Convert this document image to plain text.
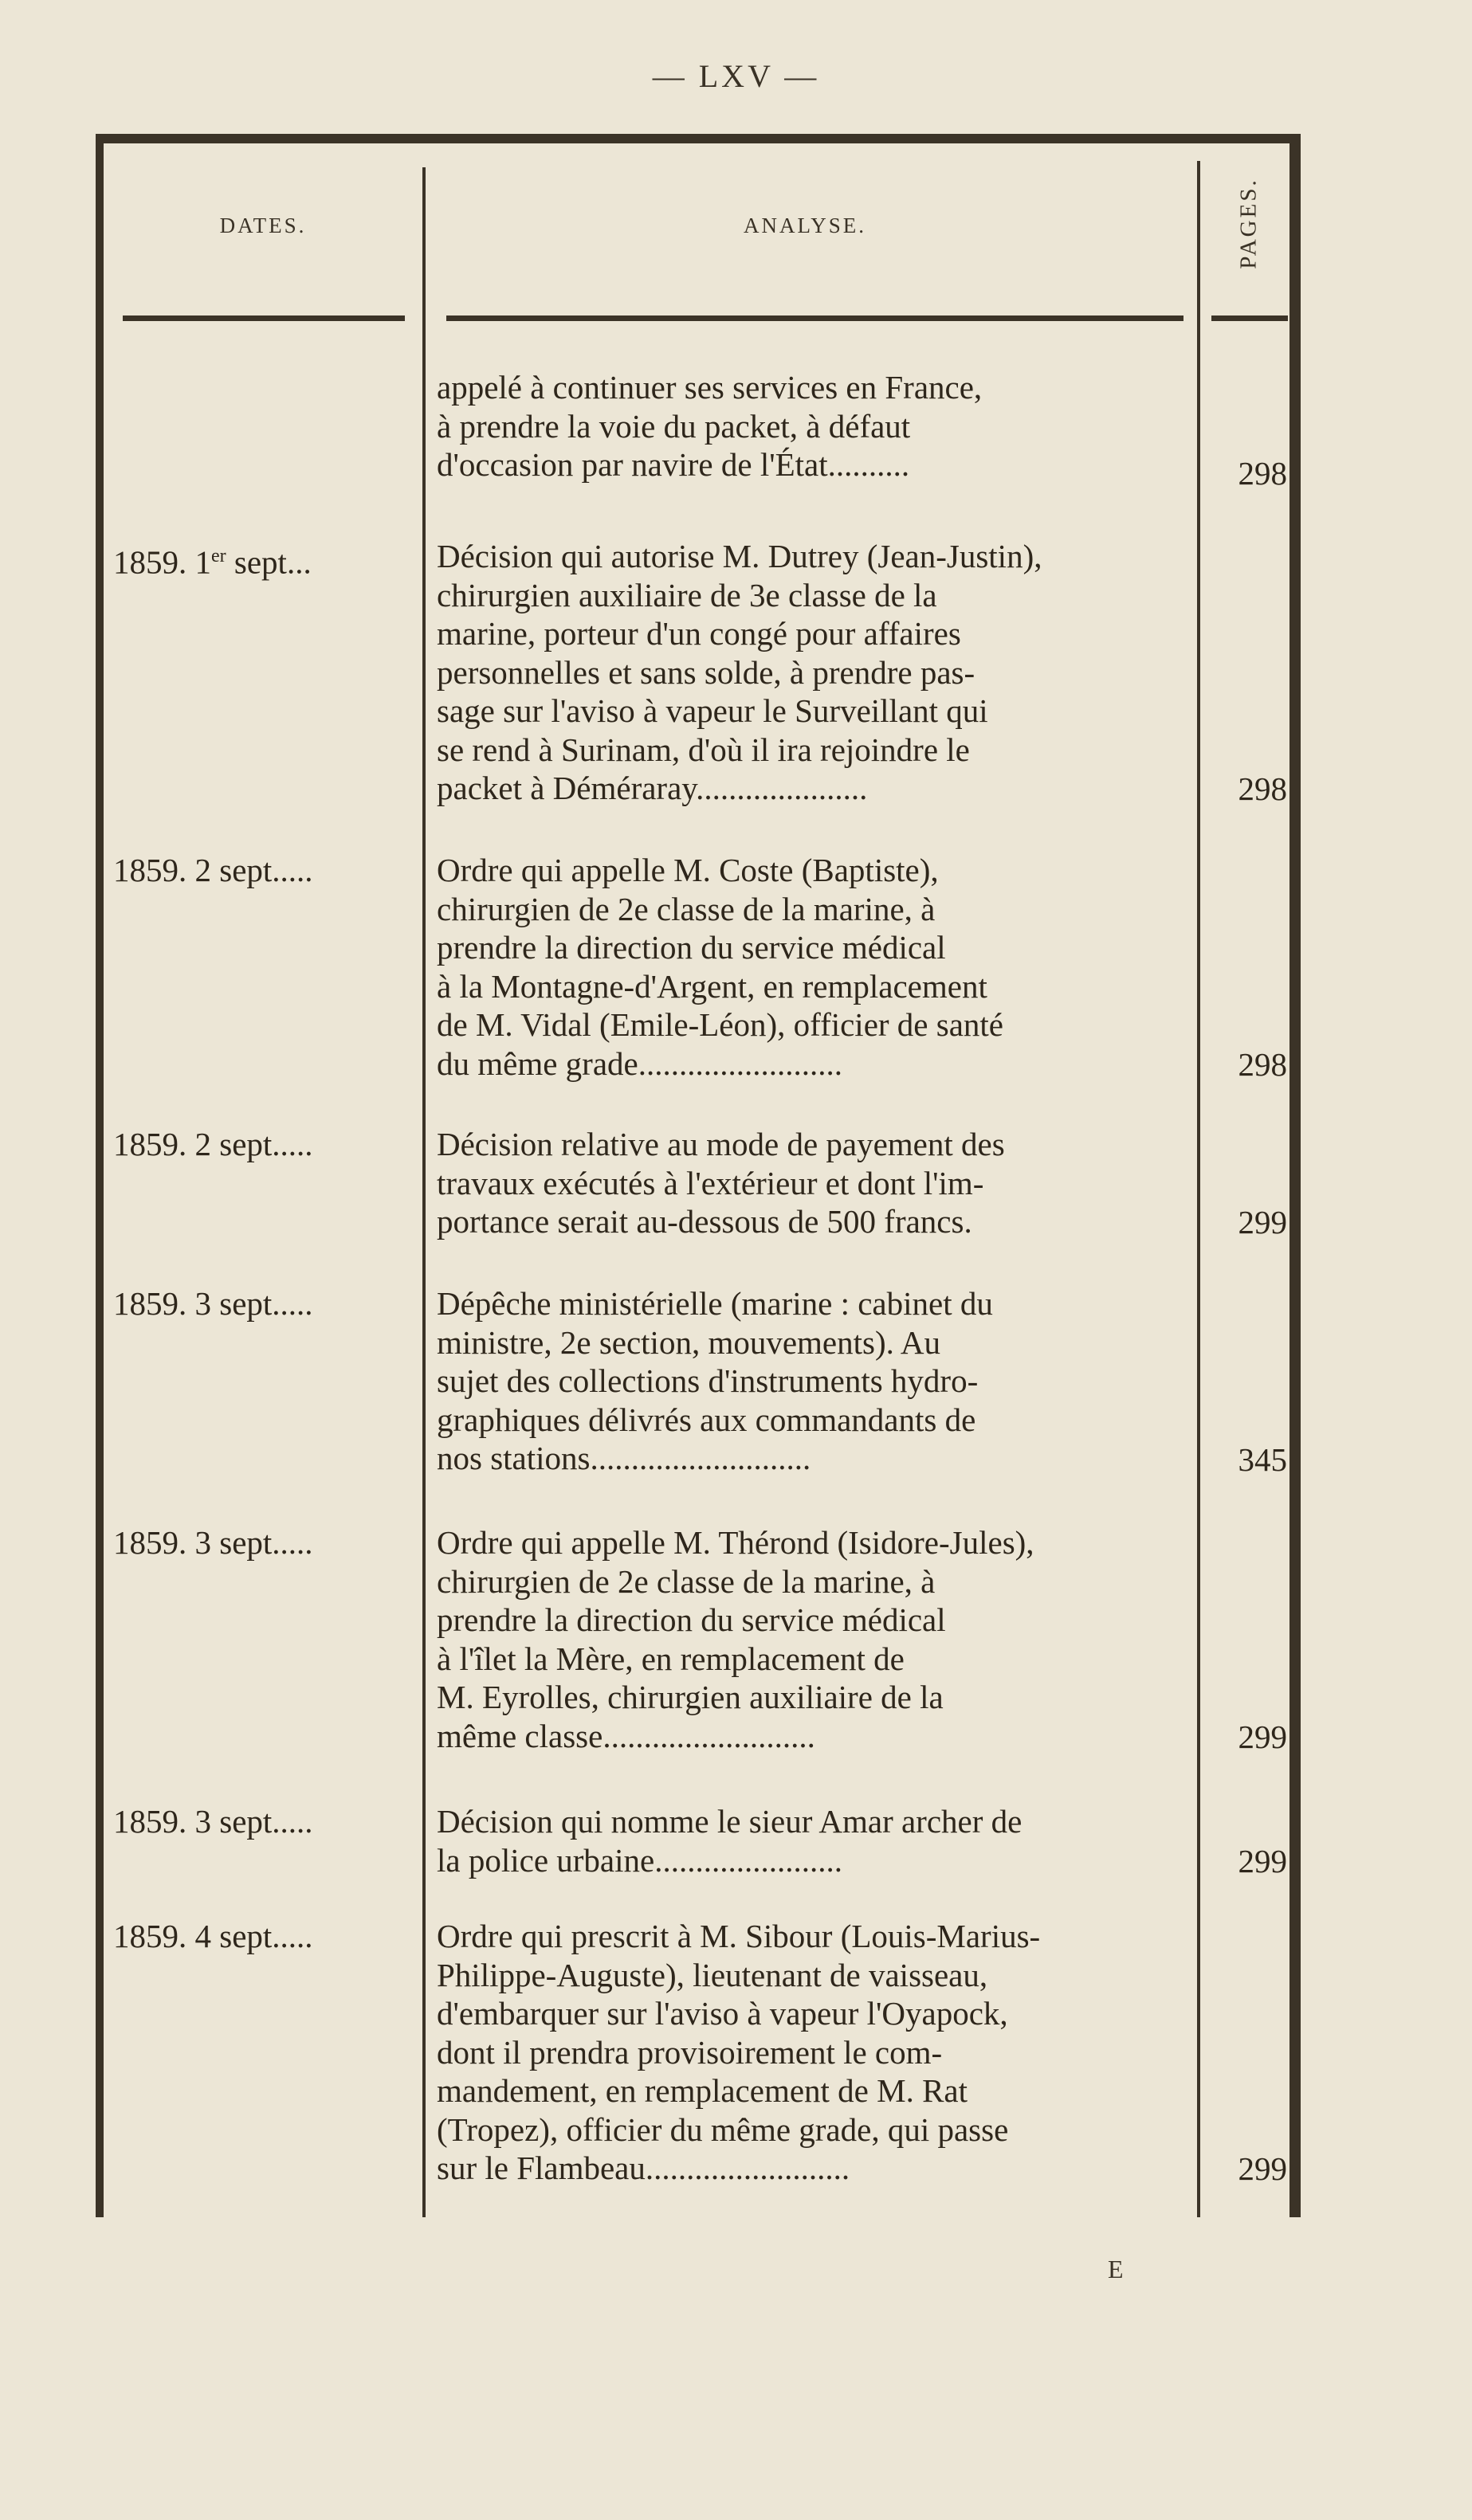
— LXV —
DATES.	ANALYSE.	PAGES.
appelé à continuer ses services en France,
à prendre la voie du packet, à défaut
d'occasion par navire de l'État..........	298
1859. 1er sept...	Décision qui autorise M. Dutrey (Jean-Justin),
chirurgien auxiliaire de 3e classe de la
marine, porteur d'un congé pour affaires
personnelles et sans solde, à prendre pas-
sage sur l'aviso à vapeur le Surveillant qui
se rend à Surinam, d'où il ira rejoindre le
packet à Déméraray.....................	298
1859. 2 sept.....	Ordre qui appelle M. Coste (Baptiste),
chirurgien de 2e classe de la marine, à
prendre la direction du service médical
à la Montagne-d'Argent, en remplacement
de M. Vidal (Emile-Léon), officier de santé
du même grade.........................	298
1859. 2 sept.....	Décision relative au mode de payement des
travaux exécutés à l'extérieur et dont l'im-
portance serait au-dessous de 500 francs.	299
1859. 3 sept.....	Dépêche ministérielle (marine : cabinet du
ministre, 2e section, mouvements). Au
sujet des collections d'instruments hydro-
graphiques délivrés aux commandants de
nos stations...........................	345
1859. 3 sept.....	Ordre qui appelle M. Thérond (Isidore-Jules),
chirurgien de 2e classe de la marine, à
prendre la direction du service médical
à l'îlet la Mère, en remplacement de
M. Eyrolles, chirurgien auxiliaire de la
même classe..........................	299
1859. 3 sept.....	Décision qui nomme le sieur Amar archer de
la police urbaine.......................	299
1859. 4 sept.....	Ordre qui prescrit à M. Sibour (Louis-Marius-
Philippe-Auguste), lieutenant de vaisseau,
d'embarquer sur l'aviso à vapeur l'Oyapock,
dont il prendra provisoirement le com-
mandement, en remplacement de M. Rat
(Tropez), officier du même grade, qui passe
sur le Flambeau.........................	299
E
